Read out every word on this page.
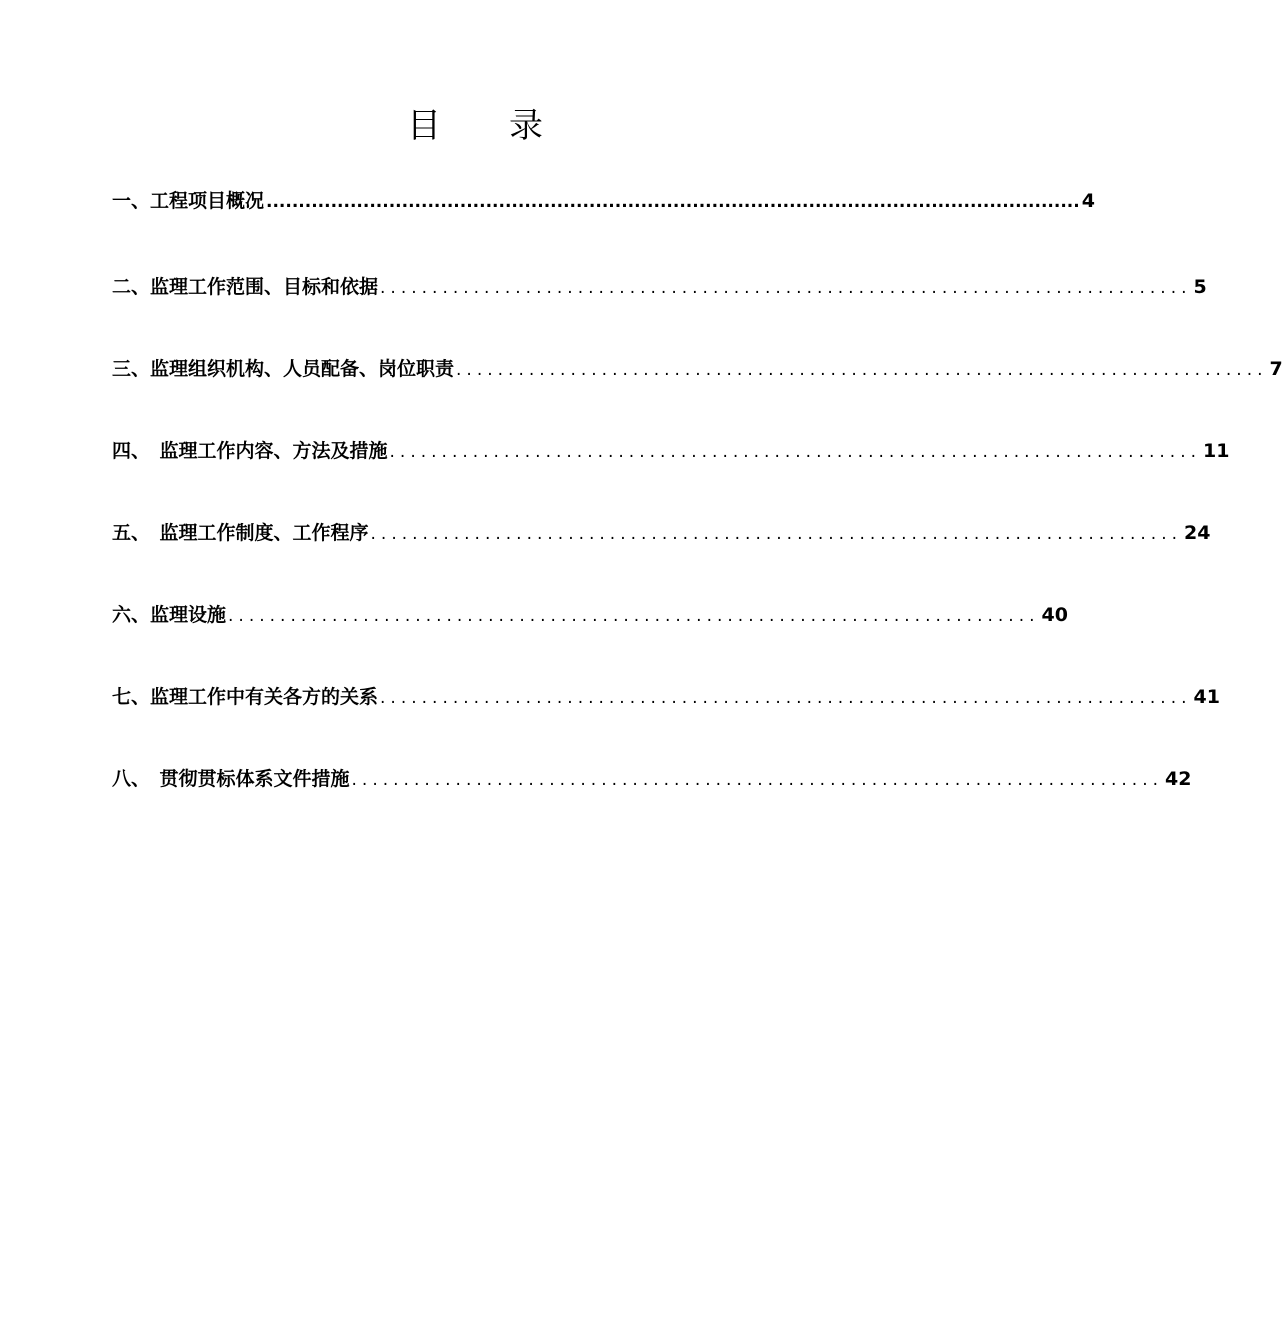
目　　录
一、工程项目概况 .............................................................................................................................. 4
二、监理工作范围、目标和依据 .............................................................................. 5
三、监理组织机构、人员配备、岗位职责 .............................................................................. 7
四、　监理工作内容、方法及措施 .............................................................................. 11
五、　监理工作制度、工作程序 .............................................................................. 24
六、监理设施 .............................................................................. 40
七、监理工作中有关各方的关系 .............................................................................. 41
八、　贯彻贯标体系文件措施 .............................................................................. 42
